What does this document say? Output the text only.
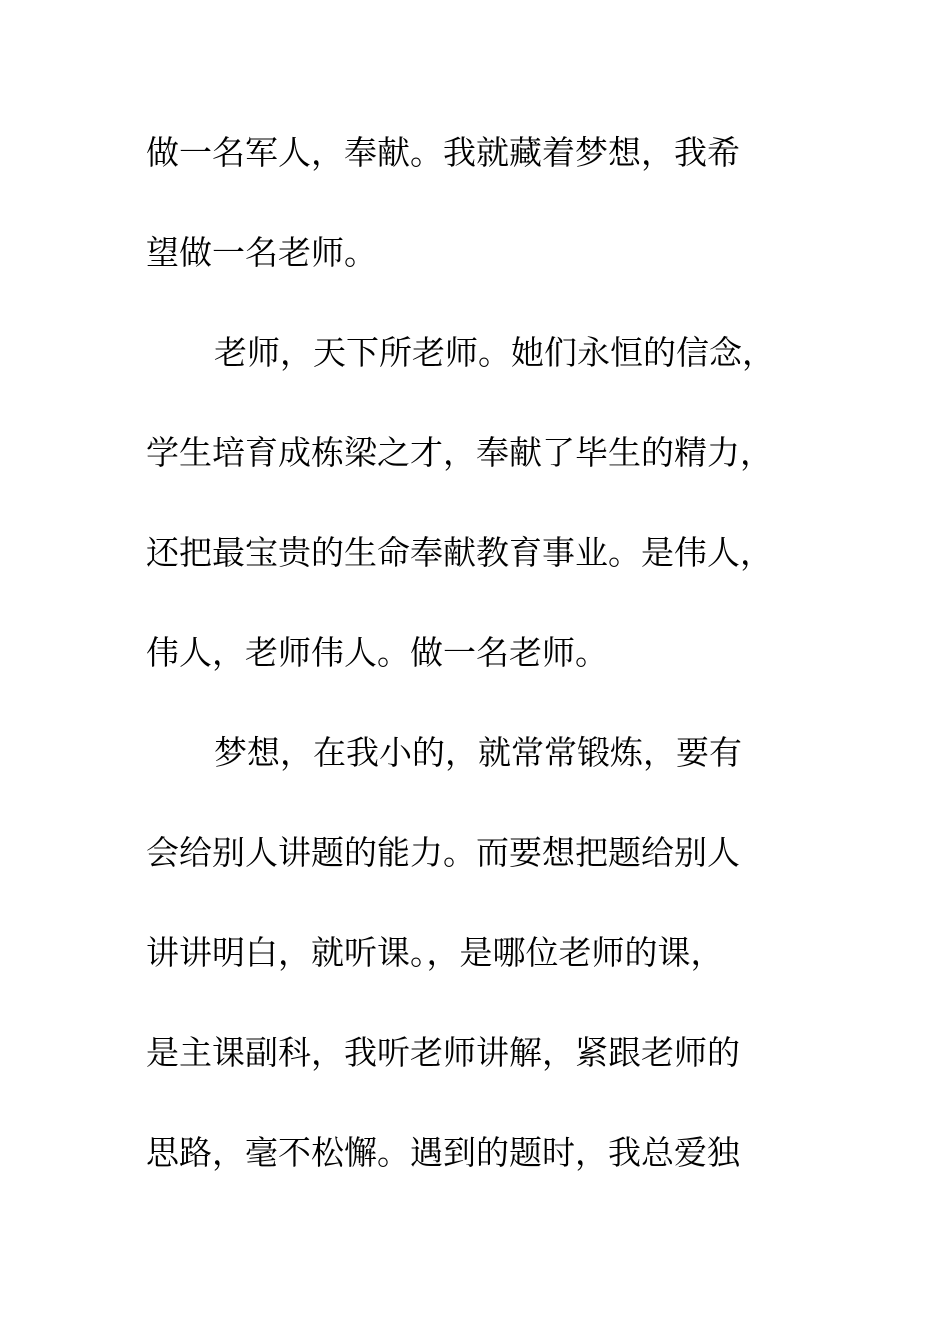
做一名军人，奉献。我就藏着梦想，我希
望做一名老师。
老师，天下所老师。她们永恒的信念，
学生培育成栋梁之才，奉献了毕生的精力，
还把最宝贵的生命奉献教育事业。是伟人，
伟人，老师伟人。做一名老师。
梦想，在我小的，就常常锻炼，要有
会给别人讲题的能力。而要想把题给别人
讲讲明白，就听课。，是哪位老师的课，
是主课副科，我听老师讲解，紧跟老师的
思路，毫不松懈。遇到的题时，我总爱独
